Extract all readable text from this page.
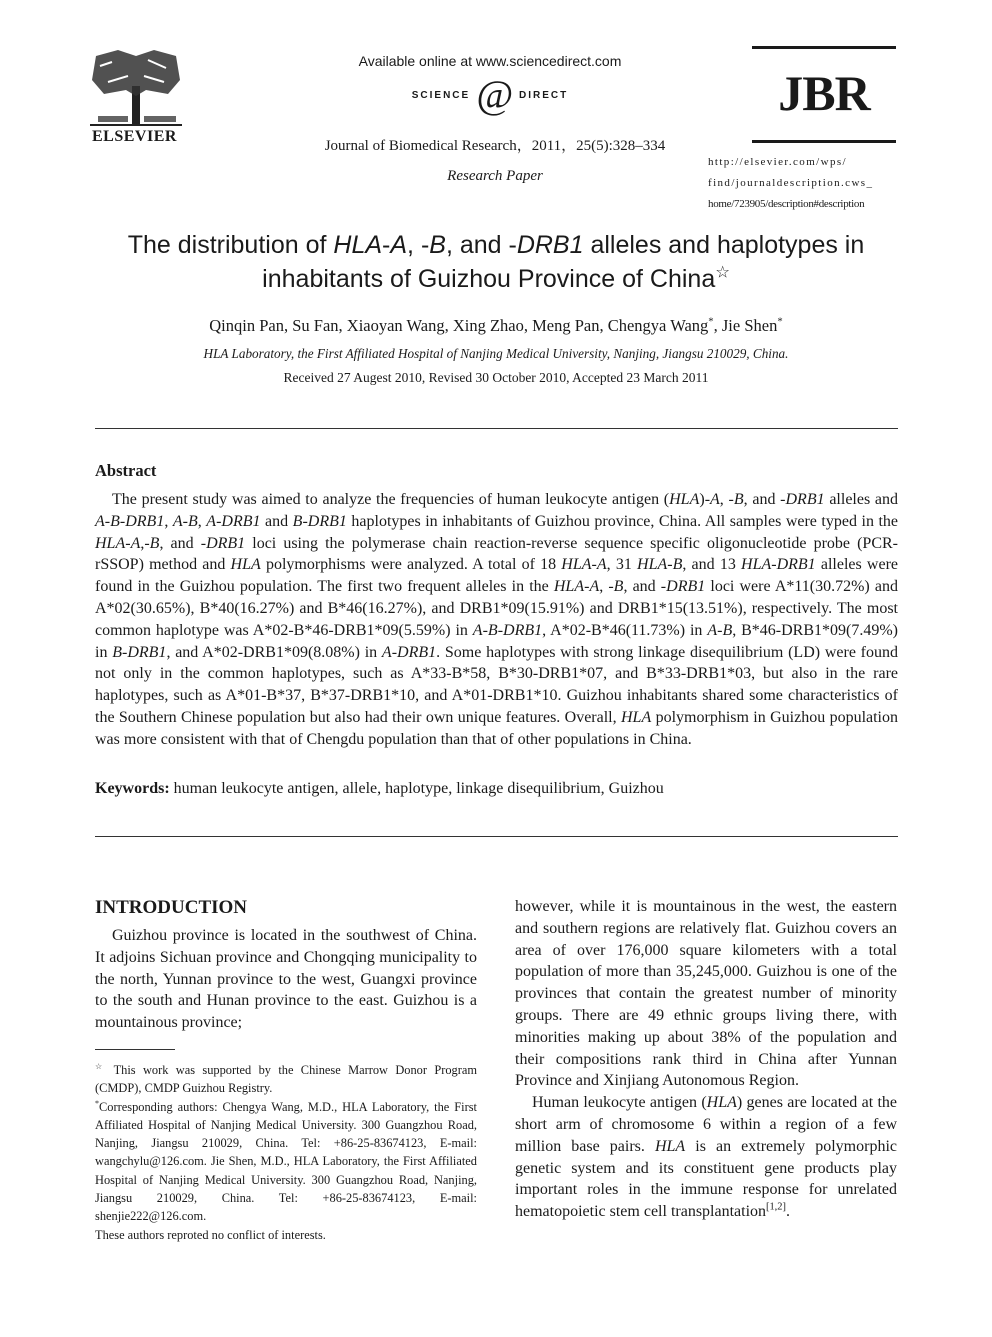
ELSEVIER
Available online at www.sciencedirect.com
SCIENCE @ DIRECT
Journal of Biomedical Research，2011，25(5):328–334
Research Paper
JBR
http://elsevier.com/wps/
find/journaldescription.cws_
home/723905/description#description
The distribution of HLA-A, -B, and -DRB1 alleles and haplotypes in
inhabitants of Guizhou Province of China☆
Qinqin Pan, Su Fan, Xiaoyan Wang, Xing Zhao, Meng Pan, Chengya Wang*, Jie Shen*
HLA Laboratory, the First Affiliated Hospital of Nanjing Medical University, Nanjing, Jiangsu 210029, China.
Received 27 Augest 2010, Revised 30 October 2010, Accepted 23 March 2011
Abstract
The present study was aimed to analyze the frequencies of human leukocyte antigen (HLA)-A, -B, and -DRB1 alleles and A-B-DRB1, A-B, A-DRB1 and B-DRB1 haplotypes in inhabitants of Guizhou province, China. All samples were typed in the HLA-A,-B, and -DRB1 loci using the polymerase chain reaction-reverse sequence specific oligonucleotide probe (PCR-rSSOP) method and HLA polymorphisms were analyzed. A total of 18 HLA-A, 31 HLA-B, and 13 HLA-DRB1 alleles were found in the Guizhou population. The first two frequent alleles in the HLA-A, -B, and -DRB1 loci were A*11(30.72%) and A*02(30.65%), B*40(16.27%) and B*46(16.27%), and DRB1*09(15.91%) and DRB1*15(13.51%), respectively. The most common haplotype was A*02-B*46-DRB1*09(5.59%) in A-B-DRB1, A*02-B*46(11.73%) in A-B, B*46-DRB1*09(7.49%) in B-DRB1, and A*02-DRB1*09(8.08%) in A-DRB1. Some haplotypes with strong linkage disequilibrium (LD) were found not only in the common haplotypes, such as A*33-B*58, B*30-DRB1*07, and B*33-DRB1*03, but also in the rare haplotypes, such as A*01-B*37, B*37-DRB1*10, and A*01-DRB1*10. Guizhou inhabitants shared some characteristics of the Southern Chinese population but also had their own unique features. Overall, HLA polymorphism in Guizhou population was more consistent with that of Chengdu population than that of other populations in China.
Keywords: human leukocyte antigen, allele, haplotype, linkage disequilibrium, Guizhou
INTRODUCTION

Guizhou province is located in the southwest of China. It adjoins Sichuan province and Chongqing municipality to the north, Yunnan province to the west, Guangxi province to the south and Hunan province to the east. Guizhou is a mountainous province;

however, while it is mountainous in the west, the eastern and southern regions are relatively flat. Guizhou covers an area of over 176,000 square kilometers with a total population of more than 35,245,000. Guizhou is one of the provinces that contain the greatest number of minority groups. There are 49 ethnic groups living there, with minorities making up about 38% of the population and their compositions rank third in China after Yunnan Province and Xinjiang Autonomous Region.

Human leukocyte antigen (HLA) genes are located at the short arm of chromosome 6 within a region of a few million base pairs. HLA is an extremely polymorphic genetic system and its constituent gene products play important roles in the immune response for unrelated hematopoietic stem cell transplantation[1,2].

☆ This work was supported by the Chinese Marrow Donor Program (CMDP), CMDP Guizhou Registry.

*Corresponding authors: Chengya Wang, M.D., HLA Laboratory, the First Affiliated Hospital of Nanjing Medical University. 300 Guangzhou Road, Nanjing, Jiangsu 210029, China. Tel: +86-25-83674123, E-mail: wangchylu@126.com. Jie Shen, M.D., HLA Laboratory, the First Affiliated Hospital of Nanjing Medical University. 300 Guangzhou Road, Nanjing, Jiangsu 210029, China. Tel: +86-25-83674123, E-mail: shenjie222@126.com.

These authors reproted no conflict of interests.
